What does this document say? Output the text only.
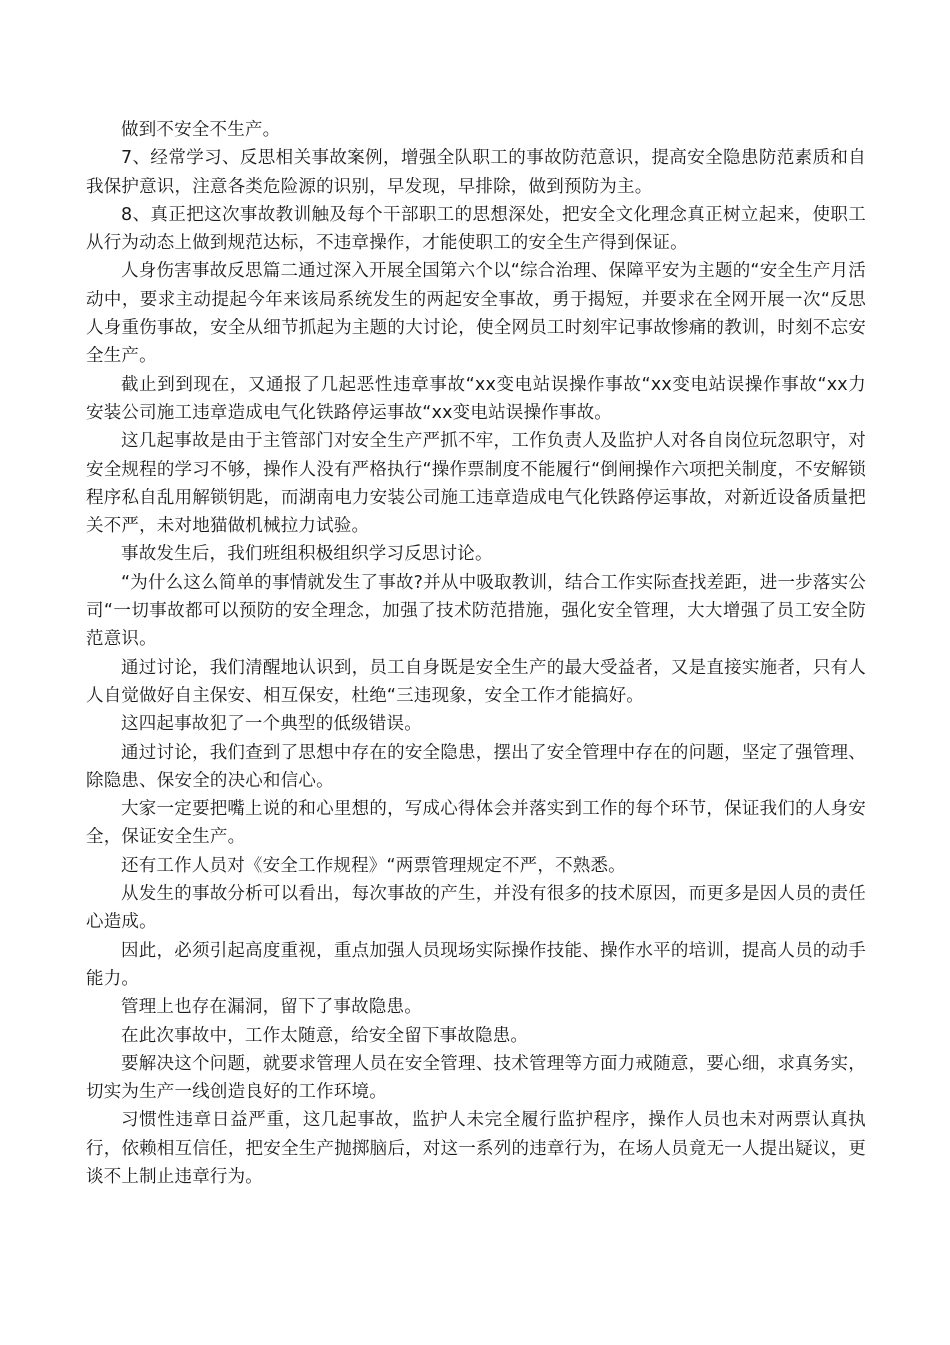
做到不安全不生产。

7、经常学习、反思相关事故案例，增强全队职工的事故防范意识，提高安全隐患防范素质和自我保护意识，注意各类危险源的识别，早发现，早排除，做到预防为主。

8、真正把这次事故教训触及每个干部职工的思想深处，把安全文化理念真正树立起来，使职工从行为动态上做到规范达标，不违章操作，才能使职工的安全生产得到保证。

人身伤害事故反思篇二通过深入开展全国第六个以“综合治理、保障平安为主题的“安全生产月活动中，要求主动提起今年来该局系统发生的两起安全事故，勇于揭短，并要求在全网开展一次“反思人身重伤事故，安全从细节抓起为主题的大讨论，使全网员工时刻牢记事故惨痛的教训，时刻不忘安全生产。

截止到到现在，又通报了几起恶性违章事故“xx变电站误操作事故“xx变电站误操作事故“xx力安装公司施工违章造成电气化铁路停运事故“xx变电站误操作事故。

这几起事故是由于主管部门对安全生产严抓不牢，工作负责人及监护人对各自岗位玩忽职守，对安全规程的学习不够，操作人没有严格执行“操作票制度不能履行“倒闸操作六项把关制度，不安解锁程序私自乱用解锁钥匙，而湖南电力安装公司施工违章造成电气化铁路停运事故，对新近设备质量把关不严，未对地猫做机械拉力试验。

事故发生后，我们班组积极组织学习反思讨论。

“为什么这么简单的事情就发生了事故?并从中吸取教训，结合工作实际查找差距，进一步落实公司“一切事故都可以预防的安全理念，加强了技术防范措施，强化安全管理，大大增强了员工安全防范意识。

通过讨论，我们清醒地认识到，员工自身既是安全生产的最大受益者，又是直接实施者，只有人人自觉做好自主保安、相互保安，杜绝“三违现象，安全工作才能搞好。

这四起事故犯了一个典型的低级错误。

通过讨论，我们查到了思想中存在的安全隐患，摆出了安全管理中存在的问题，坚定了强管理、除隐患、保安全的决心和信心。

大家一定要把嘴上说的和心里想的，写成心得体会并落实到工作的每个环节，保证我们的人身安全，保证安全生产。

还有工作人员对《安全工作规程》“两票管理规定不严，不熟悉。

从发生的事故分析可以看出，每次事故的产生，并没有很多的技术原因，而更多是因人员的责任心造成。

因此，必须引起高度重视，重点加强人员现场实际操作技能、操作水平的培训，提高人员的动手能力。

管理上也存在漏洞，留下了事故隐患。

在此次事故中，工作太随意，给安全留下事故隐患。

要解决这个问题，就要求管理人员在安全管理、技术管理等方面力戒随意，要心细，求真务实，切实为生产一线创造良好的工作环境。

习惯性违章日益严重，这几起事故，监护人未完全履行监护程序，操作人员也未对两票认真执行，依赖相互信任，把安全生产抛掷脑后，对这一系列的违章行为，在场人员竟无一人提出疑议，更谈不上制止违章行为。
